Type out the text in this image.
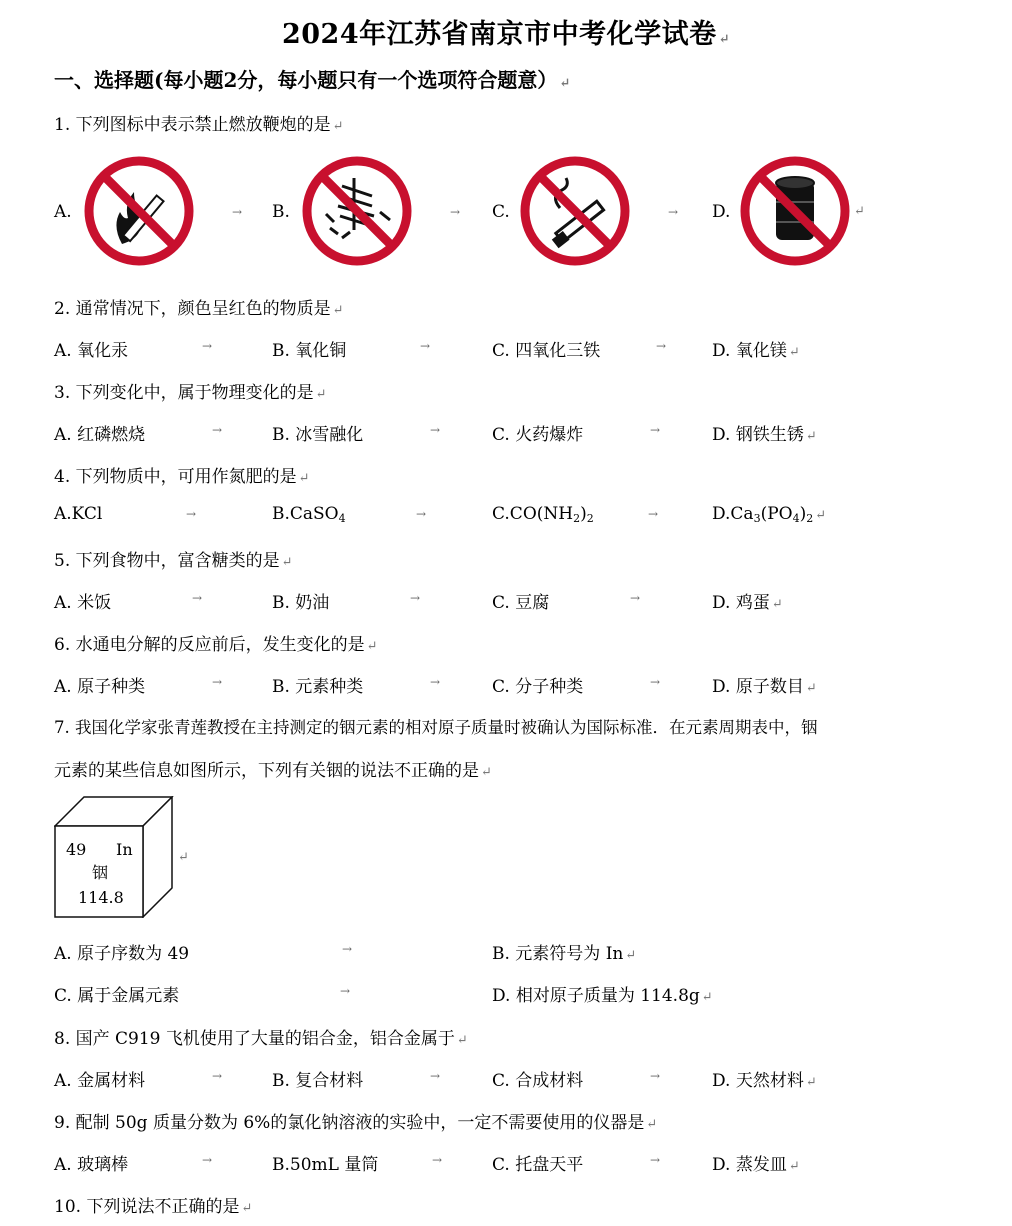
2024年江苏省南京市中考化学试卷 ↵
一、选择题(每小题2分，每小题只有一个选项符合题意） ↵
1. 下列图标中表示禁止燃放鞭炮的是 ↵
A.	→ B.	→ C.	→ D.	↵
2. 通常情况下，颜色呈红色的物质是 ↵
A. 氧化汞	→	B. 氧化铜	→	C. 四氧化三铁	→	D. 氧化镁 ↵
3. 下列变化中，属于物理变化的是 ↵
A. 红磷燃烧	→	B. 冰雪融化	→	C. 火药爆炸	→	D. 钢铁生锈 ↵
4. 下列物质中，可用作氮肥的是 ↵
A.KCl	→	B.CaSO$_4$	→	$C.CO(NH_2)_2$	→	$D.Ca_3(PO_4)_2$ ↵
5. 下列食物中，富含糖类的是 ↵
A. 米饭	→	B. 奶油	→	C. 豆腐	→	D. 鸡蛋 ↵
6. 水通电分解的反应前后，发生变化的是 ↵
A. 原子种类	→	B. 元素种类	→	C. 分子种类	→	D. 原子数目 ↵
7. 我国化学家张青莲教授在主持测定的铟元素的相对原子质量时被确认为国际标准．在元素周期表中，铟
元素的某些信息如图所示，下列有关铟的说法不正确的是 ↵
49 In
铟
114.8
↵
A. 原子序数为 49	→	B. 元素符号为 In ↵
C. 属于金属元素	→	D. 相对原子质量为 114.8g ↵
8. 国产 C919 飞机使用了大量的铝合金，铝合金属于 ↵
A. 金属材料	→	B. 复合材料	→	C. 合成材料	→	D. 天然材料 ↵
9. 配制 50g 质量分数为 6%的氯化钠溶液的实验中，一定不需要使用的仪器是 ↵
A. 玻璃棒	→	B.50mL 量筒	→	C. 托盘天平	→	D. 蒸发皿 ↵
10. 下列说法不正确的是 ↵
